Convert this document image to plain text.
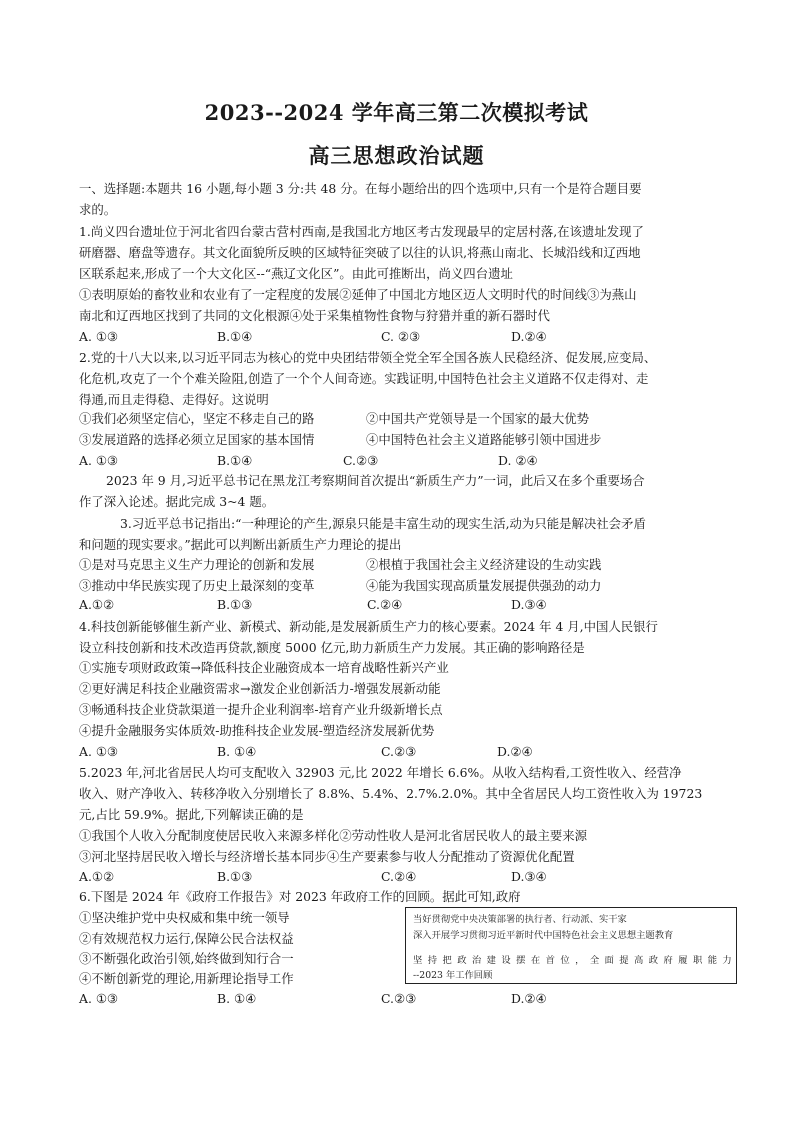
2023--2024 学年高三第二次模拟考试
高三思想政治试题
一、选择题:本题共 16 小题,每小题 3 分:共 48 分。在每小题给出的四个选项中,只有一个是符合题目要
求的。
1.尚义四台遗址位于河北省四台蒙古营村西南,是我国北方地区考古发现最早的定居村落,在该遗址发现了
研磨器、磨盘等遗存。其文化面貌所反映的区域特征突破了以往的认识,将燕山南北、长城沿线和辽西地
区联系起来,形成了一个大文化区--“燕辽文化区”。由此可推断出，尚义四台遗址
①表明原始的畜牧业和农业有了一定程度的发展②延伸了中国北方地区迈人文明时代的时间线③为燕山
南北和辽西地区找到了共同的文化根源④处于采集植物性食物与狩猎并重的新石器时代
A. ①③	B.①④	C. ②③	D.②④
2.党的十八大以来,以习近平同志为核心的党中央团结带领全党全军全国各族人民稳经济、促发展,应变局、
化危机,攻克了一个个难关险阻,创造了一个个人间奇迹。实践证明,中国特色社会主义道路不仅走得对、走
得通,而且走得稳、走得好。这说明
①我们必须坚定信心，坚定不移走自己的路	②中国共产党领导是一个国家的最大优势
③发展道路的选择必须立足国家的基本国情	④中国特色社会主义道路能够引领中国进步
A. ①③	B.①④	C.②③	D. ②④
2023 年 9 月,习近平总书记在黑龙江考察期间首次提出“新质生产力”一词，此后又在多个重要场合
作了深入论述。据此完成 3~4 题。
3.习近平总书记指出:“一种理论的产生,源泉只能是丰富生动的现实生活,动为只能是解决社会矛盾
和问题的现实要求。”据此可以判断出新质生产力理论的提出
①是对马克思主义生产力理论的创新和发展	②根植于我国社会主义经济建设的生动实践
③推动中华民族实现了历史上最深刻的变革	④能为我国实现高质量发展提供强劲的动力
A.①②	B.①③	C.②④	D.③④
4.科技创新能够催生新产业、新模式、新动能,是发展新质生产力的核心要素。2024 年 4 月,中国人民银行
设立科技创新和技术改造再贷款,额度 5000 亿元,助力新质生产力发展。其正确的影响路径是
①实施专项财政政策→降低科技企业融资成本一培育战略性新兴产业
②更好满足科技企业融资需求→激发企业创新活力-增强发展新动能
③畅通科技企业贷款渠道一提升企业利润率-培育产业升级新增长点
④提升金融服务实体质效-助推科技企业发展-塑造经济发展新优势
A. ①③	B. ①④	C.②③	D.②④
5.2023 年,河北省居民人均可支配收入 32903 元,比 2022 年增长 6.6%。从收入结构看,工资性收入、经营净
收入、财产净收入、转移净收入分别增长了 8.8%、5.4%、2.7%.2.0%。其中全省居民人均工资性收入为 19723
元,占比 59.9%。据此,下列解读正确的是
①我国个人收入分配制度使居民收入来源多样化②劳动性收人是河北省居民收人的最主要来源
③河北坚持居民收入增长与经济增长基本同步④生产要素参与收人分配推动了资源优化配置
A.①②	B.①③	C.②④	D.③④
6.下图是 2024 年《政府工作报告》对 2023 年政府工作的回顾。据此可知,政府
①坚决维护党中央权威和集中统一领导
②有效规范权力运行,保障公民合法权益
③不断强化政治引领,始终做到知行合一
④不断创新党的理论,用新理论指导工作
当好贯彻党中央决策部署的执行者、行动派、实干家
深入开展学习贯彻习近平新时代中国特色社会主义思想主题教育
坚 持 把 政 治 建 设 摆 在 首 位 ， 全 面 提 高 政 府 履 职 能 力
--2023 年工作回顾
A. ①③	B. ①④	C.②③	D.②④
